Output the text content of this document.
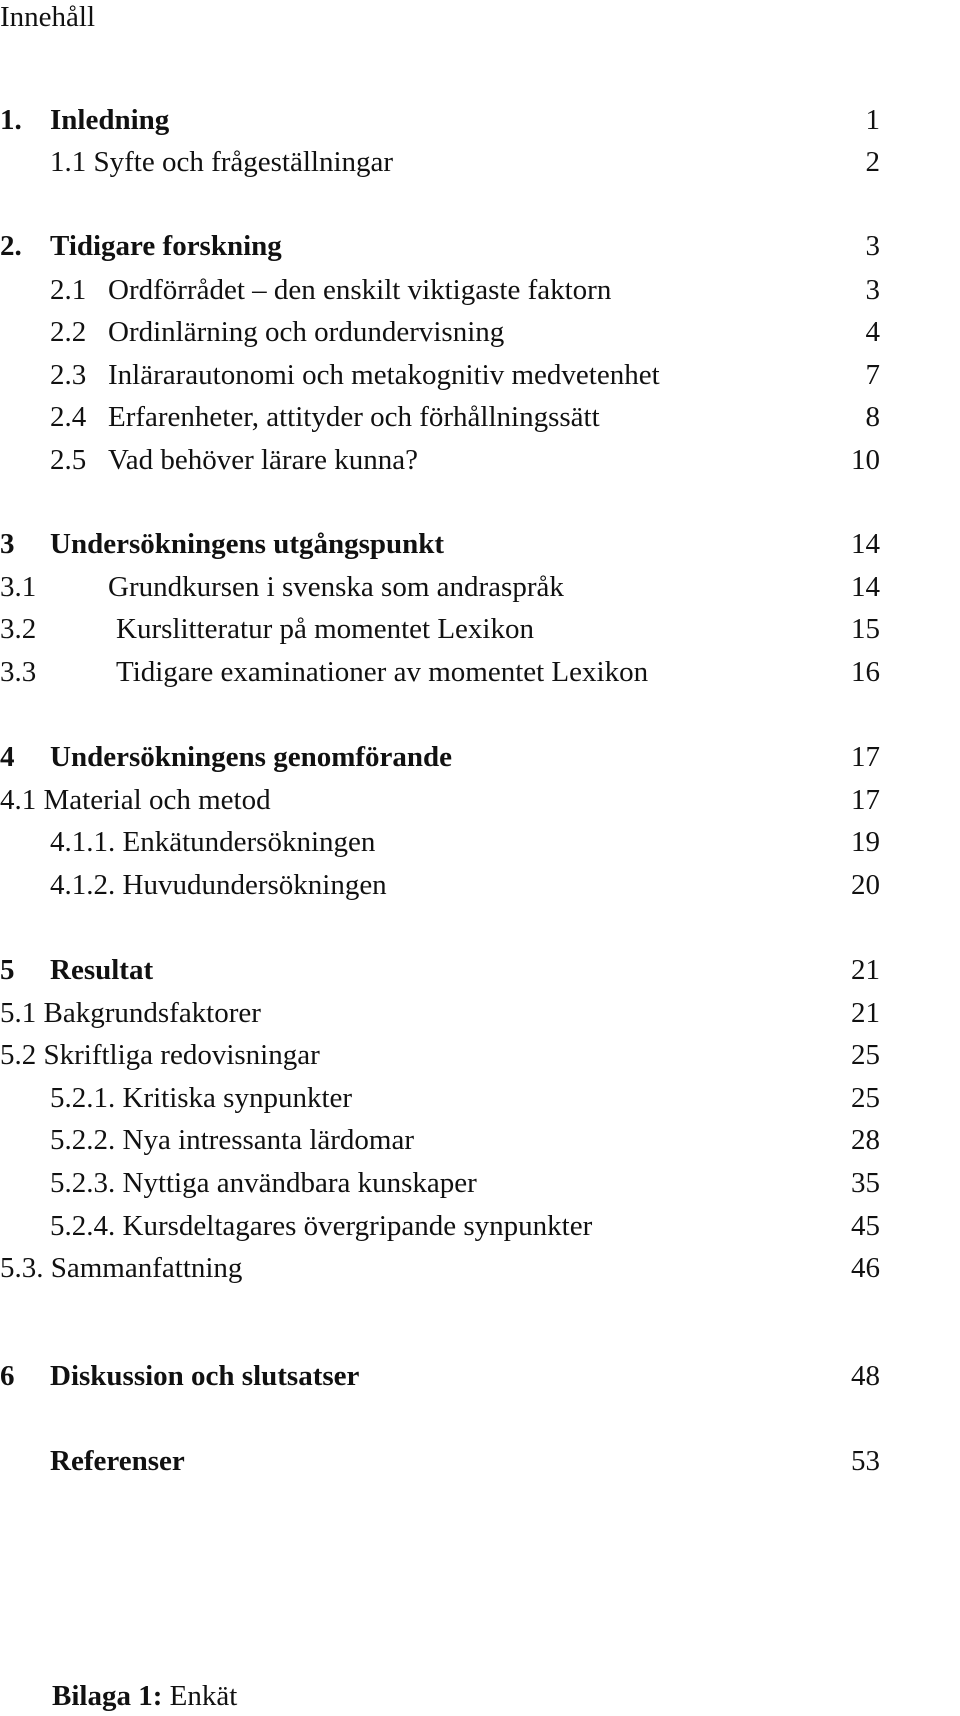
Innehåll
1. Inledning	1
1.1 Syfte och frågeställningar	2
2. Tidigare forskning	3
2.1 Ordförrådet – den enskilt viktigaste faktorn	3
2.2 Ordinlärning och ordundervisning	4
2.3 Inlärarautonomi och metakognitiv medvetenhet	7
2.4 Erfarenheter, attityder och förhållningssätt	8
2.5 Vad behöver lärare kunna?	10
3 Undersökningens utgångspunkt	14
3.1 Grundkursen i svenska som andraspråk	14
3.2	Kurslitteratur på momentet Lexikon	15
3.3	Tidigare examinationer av momentet Lexikon	16
4 Undersökningens genomförande	17
4.1 Material och metod	17
4.1.1. Enkätundersökningen	19
4.1.2. Huvudundersökningen	20
5 Resultat	21
5.1 Bakgrundsfaktorer	21
5.2 Skriftliga redovisningar	25
5.2.1. Kritiska synpunkter	25
5.2.2. Nya intressanta lärdomar	28
5.2.3. Nyttiga användbara kunskaper	35
5.2.4. Kursdeltagares övergripande synpunkter	45
5.3. Sammanfattning	46
6 Diskussion och slutsatser	48
Referenser	53
Bilaga 1: Enkät
